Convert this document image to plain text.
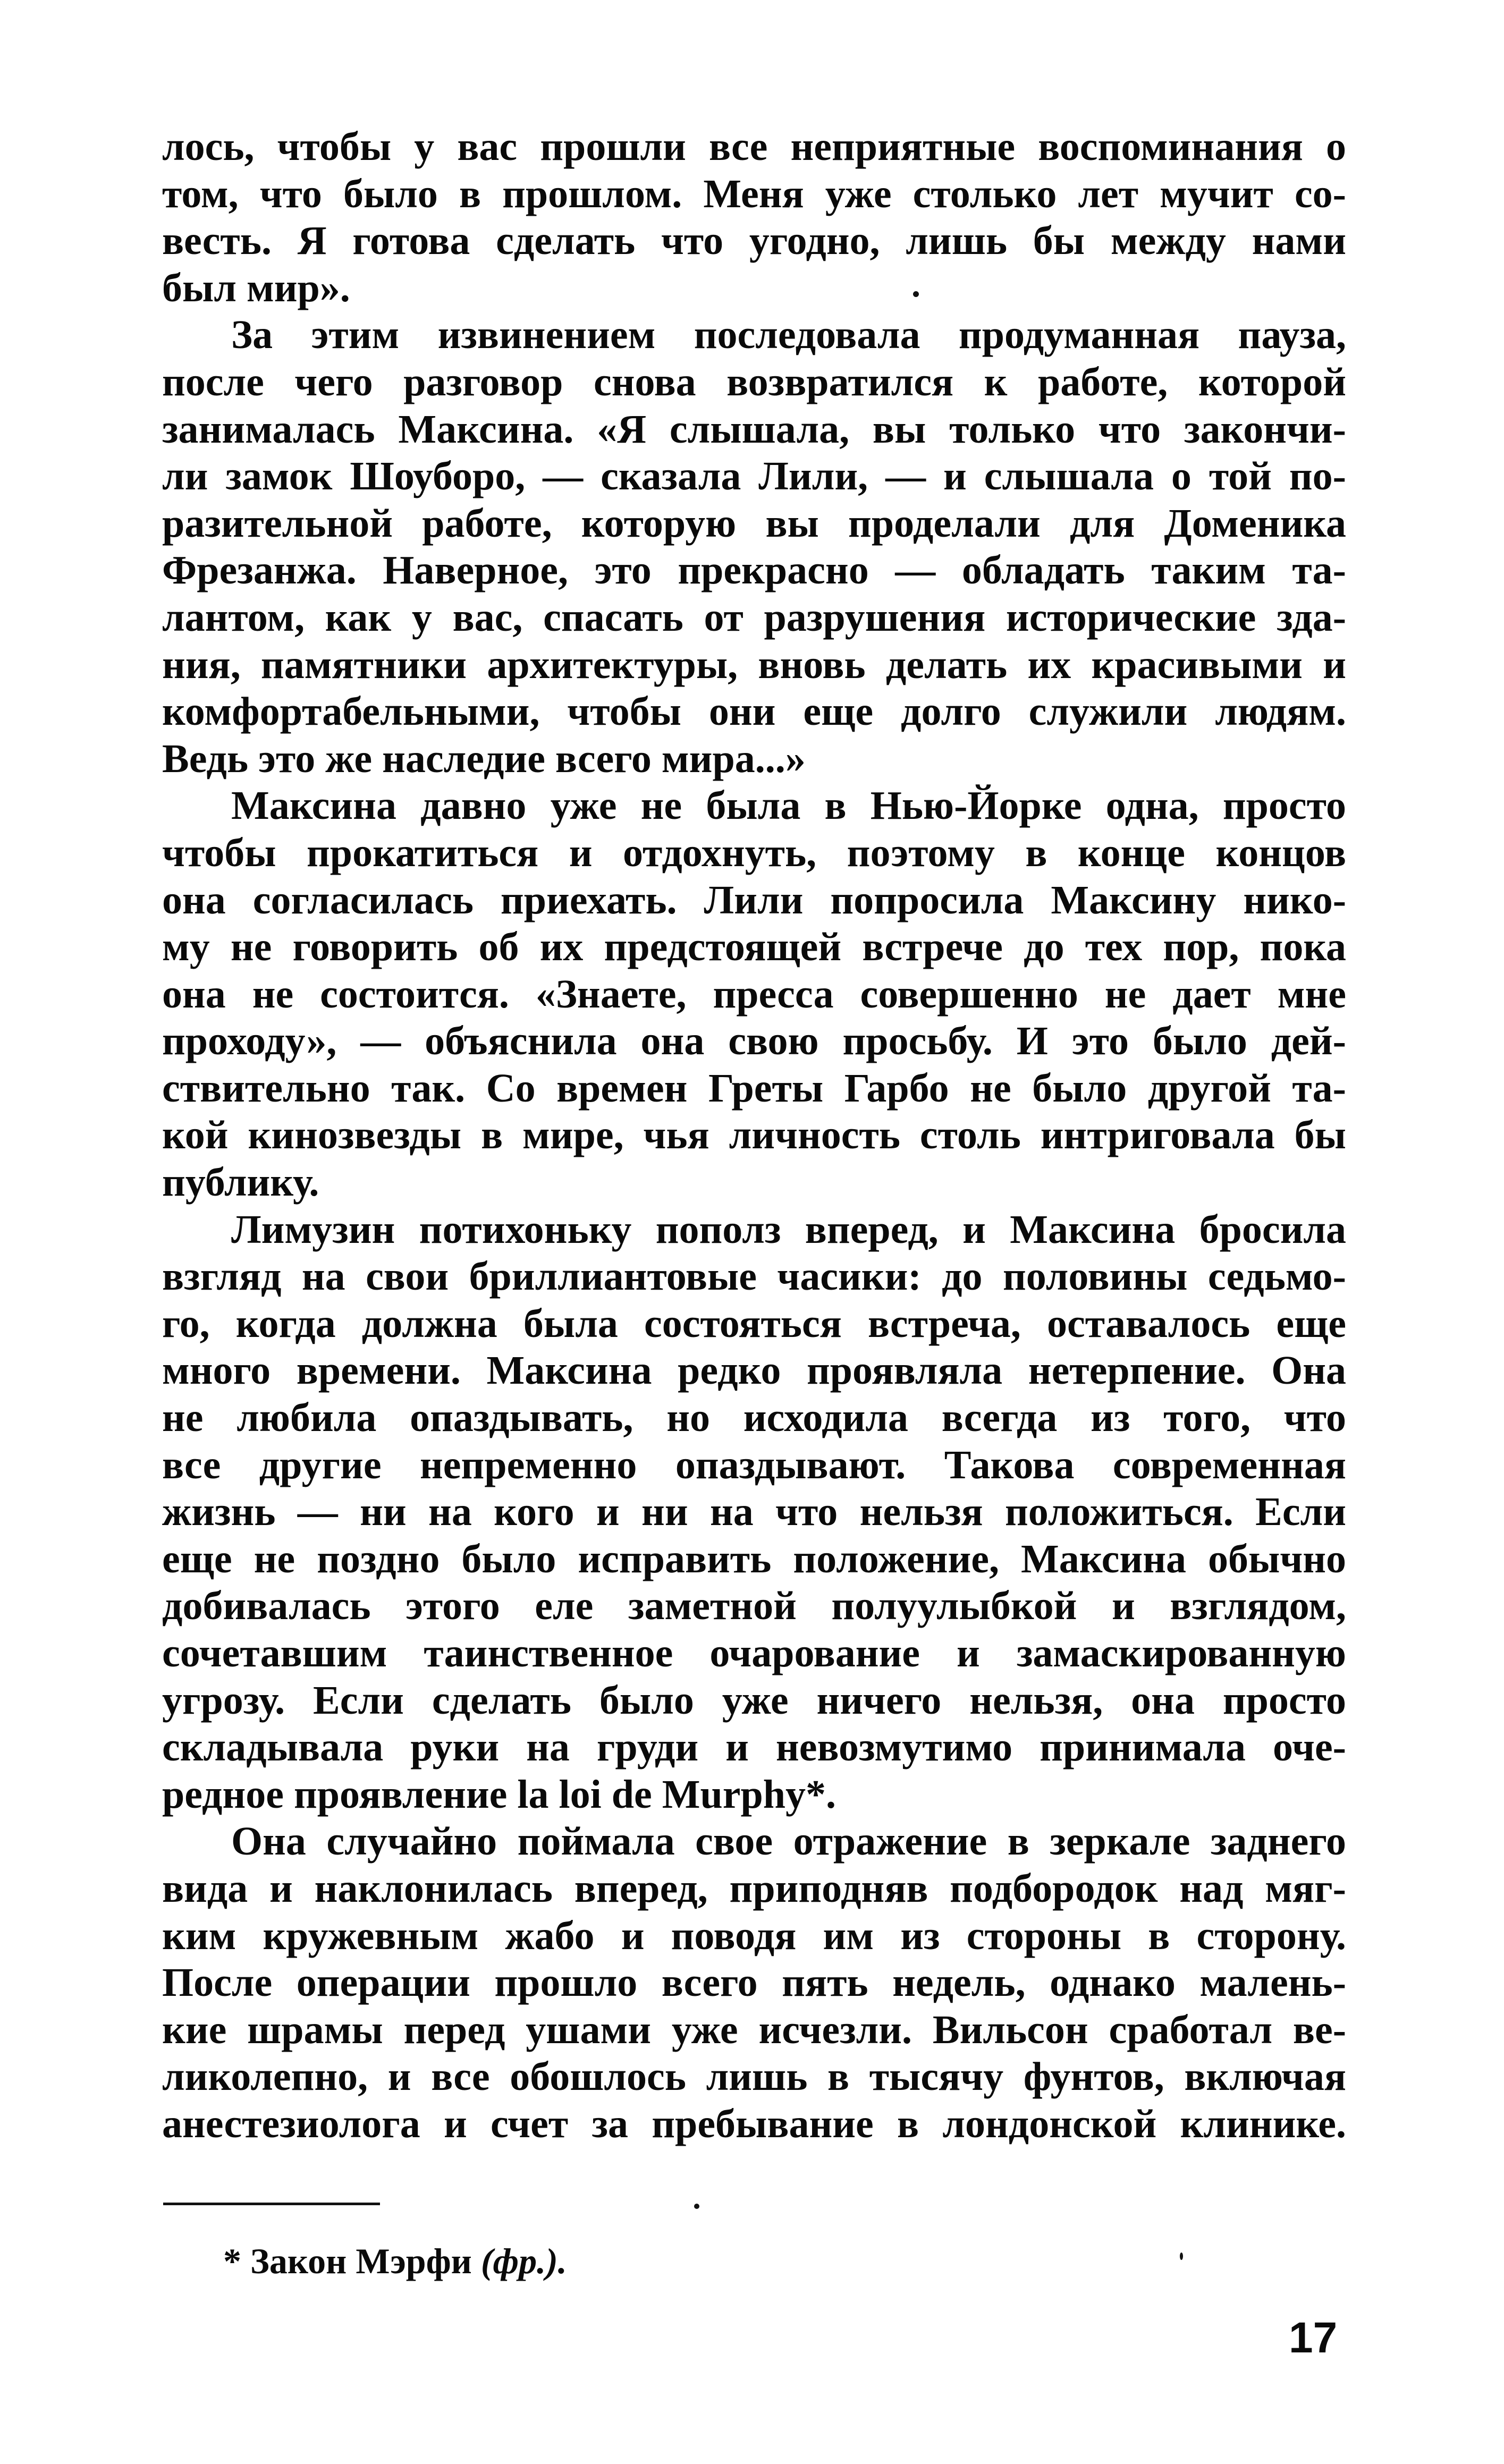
лось, чтобы у вас прошли все неприятные воспоминания о
том, что было в прошлом. Меня уже столько лет мучит со-
весть. Я готова сделать что угодно, лишь бы между нами
был мир».
За этим извинением последовала продуманная пауза,
после чего разговор снова возвратился к работе, которой
занималась Максина. «Я слышала, вы только что закончи-
ли замок Шоуборо, — сказала Лили, — и слышала о той по-
разительной работе, которую вы проделали для Доменика
Фрезанжа. Наверное, это прекрасно — обладать таким та-
лантом, как у вас, спасать от разрушения исторические зда-
ния, памятники архитектуры, вновь делать их красивыми и
комфортабельными, чтобы они еще долго служили людям.
Ведь это же наследие всего мира...»
Максина давно уже не была в Нью-Йорке одна, просто
чтобы прокатиться и отдохнуть, поэтому в конце концов
она согласилась приехать. Лили попросила Максину нико-
му не говорить об их предстоящей встрече до тех пор, пока
она не состоится. «Знаете, пресса совершенно не дает мне
проходу», — объяснила она свою просьбу. И это было дей-
ствительно так. Со времен Греты Гарбо не было другой та-
кой кинозвезды в мире, чья личность столь интриговала бы
публику.
Лимузин потихоньку пополз вперед, и Максина бросила
взгляд на свои бриллиантовые часики: до половины седьмо-
го, когда должна была состояться встреча, оставалось еще
много времени. Максина редко проявляла нетерпение. Она
не любила опаздывать, но исходила всегда из того, что
все другие непременно опаздывают. Такова современная
жизнь — ни на кого и ни на что нельзя положиться. Если
еще не поздно было исправить положение, Максина обычно
добивалась этого еле заметной полуулыбкой и взглядом,
сочетавшим таинственное очарование и замаскированную
угрозу. Если сделать было уже ничего нельзя, она просто
складывала руки на груди и невозмутимо принимала оче-
редное проявление la loi de Murphy*.
Она случайно поймала свое отражение в зеркале заднего
вида и наклонилась вперед, приподняв подбородок над мяг-
ким кружевным жабо и поводя им из стороны в сторону.
После операции прошло всего пять недель, однако малень-
кие шрамы перед ушами уже исчезли. Вильсон сработал ве-
ликолепно, и все обошлось лишь в тысячу фунтов, включая
анестезиолога и счет за пребывание в лондонской клинике.
* Закон Мэрфи (фр.).
17
